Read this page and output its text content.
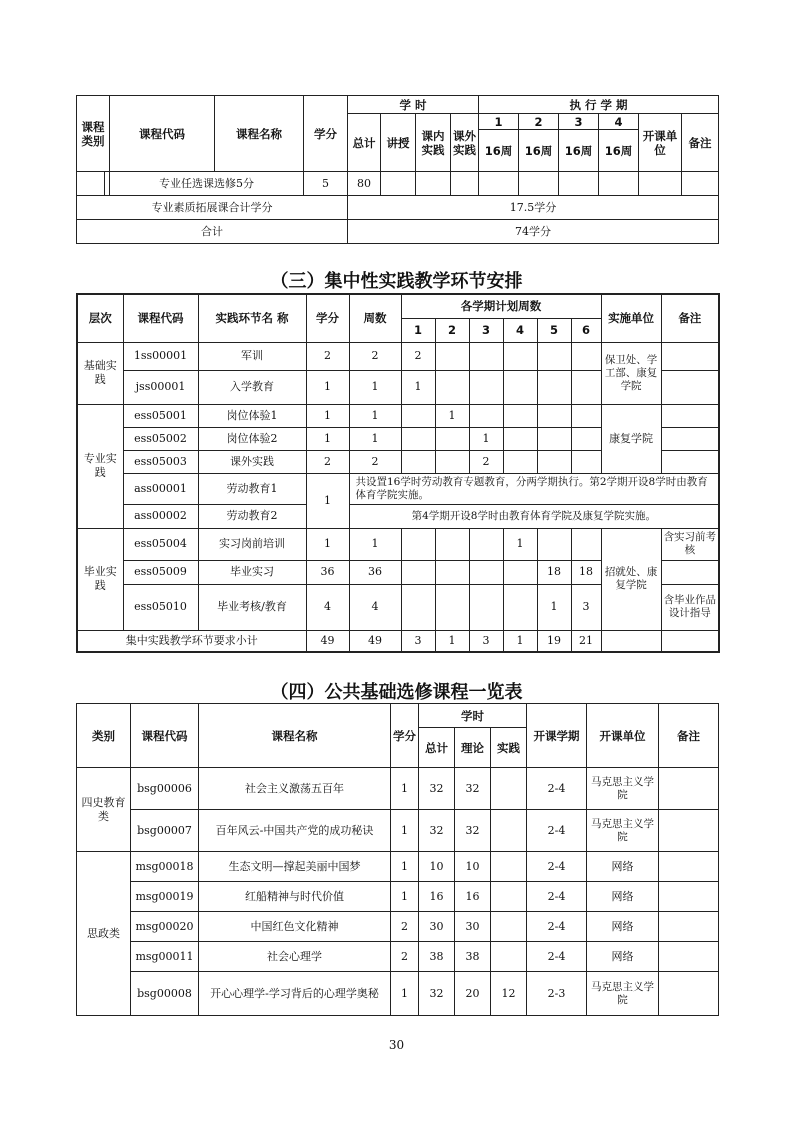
课程类别		课程代码	课程名称	学分	学 时				执 行 学 期					
					总计	讲授	课内实践	课外实践	1	2	3	4	开课单位	备注
									16周	16周	16周	16周		
		专业任选课选修5分		5	80									
专业素质拓展课合计学分					17.5学分									
合计					74学分									
（三）集中性实践教学环节安排
层次	课程代码	实践环节名 称	学分	周数	各学期计划周数						实施单位	备注
					1	2	3	4	5	6		
基础实践	1ss00001	军训	2	2	2						保卫处、学工部、康复学院	
	jss00001	入学教育	1	1	1							
专业实践	ess05001	岗位体验1	1	1		1					康复学院	
	ess05002	岗位体验2	1	1			1					
	ess05003	课外实践	2	2			2					
	ass00001	劳动教育1	1	共设置16学时劳动教育专题教育，分两学期执行。第2学期开设8学时由教育体育学院实施。								
	ass00002	劳动教育2		第4学期开设8学时由教育体育学院及康复学院实施。								
毕业实践	ess05004	实习岗前培训	1	1				1			招就处、康复学院	含实习前考核
	ess05009	毕业实习	36	36					18	18		
	ess05010	毕业考核/教育	4	4					1	3		含毕业作品设计指导
集中实践教学环节要求小计			49	49	3	1	3	1	19	21		
（四）公共基础选修课程一览表
类别	课程代码	课程名称	学分	学时			开课学期	开课单位	备注
				总计	理论	实践			
四史教育类	bsg00006	社会主义激荡五百年	1	32	32		2-4	马克思主义学院	
	bsg00007	百年风云-中国共产党的成功秘诀	1	32	32		2-4	马克思主义学院	
思政类	msg00018	生态文明—撑起美丽中国梦	1	10	10		2-4	网络	
	msg00019	红船精神与时代价值	1	16	16		2-4	网络	
	msg00020	中国红色文化精神	2	30	30		2-4	网络	
	msg00011	社会心理学	2	38	38		2-4	网络	
	bsg00008	开心心理学-学习背后的心理学奥秘	1	32	20	12	2-3	马克思主义学院	
30
